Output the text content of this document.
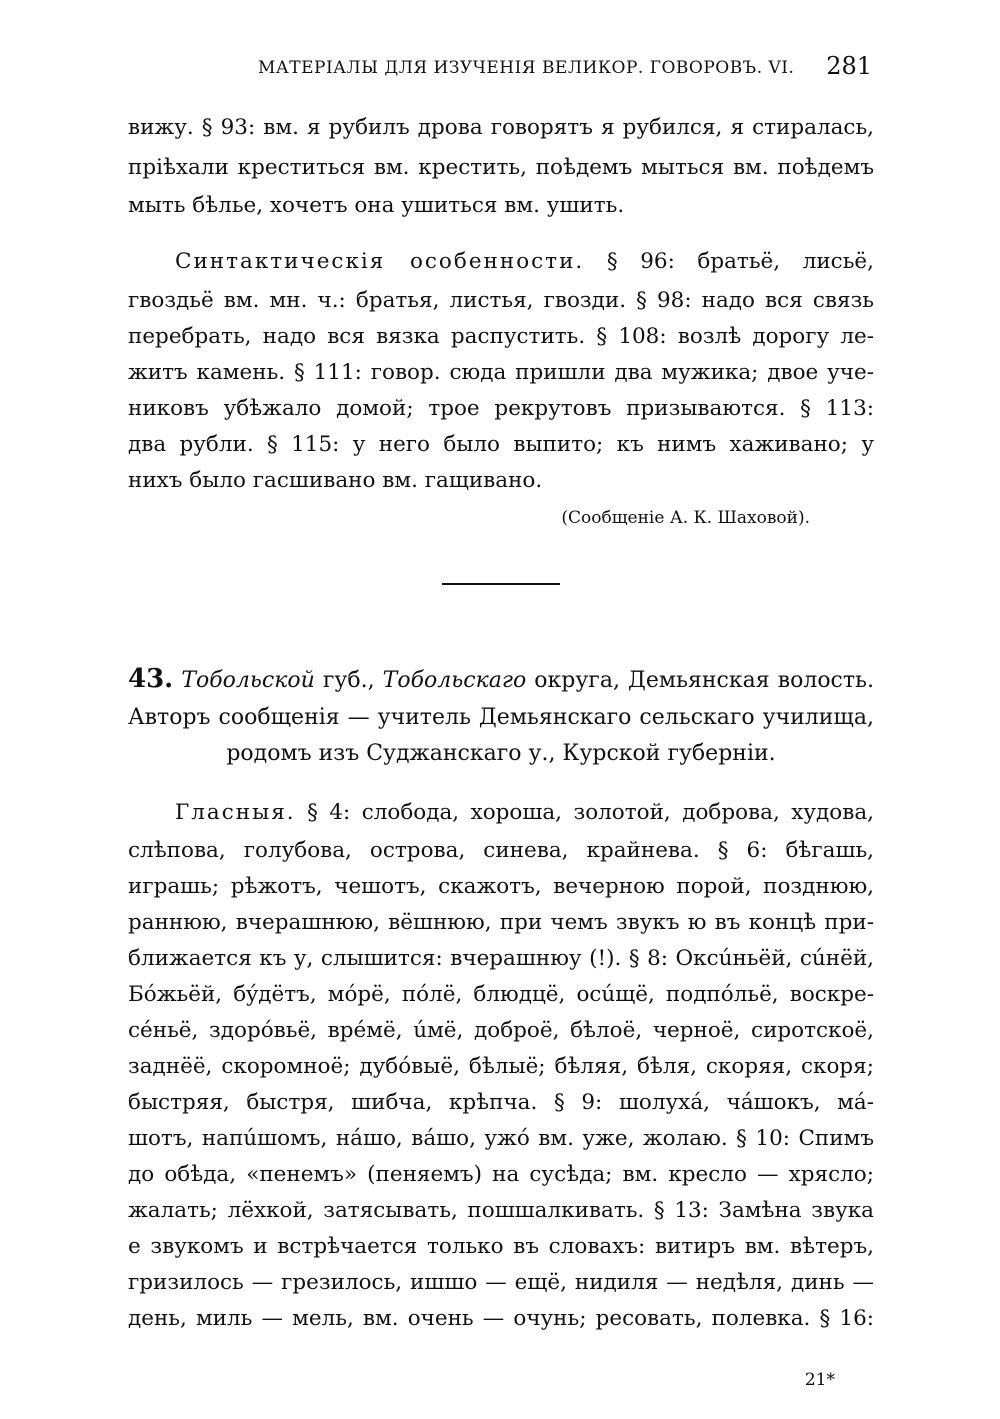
МАТЕРІАЛЫ ДЛЯ ИЗУЧЕНІЯ ВЕЛИКОР. ГОВОРОВЪ. VI. 281
вижу. § 93: вм. я рубилъ дрова говорятъ я рубился, я стиралась,
пріѣхали креститься вм. крестить, поѣдемъ мыться вм. поѣдемъ
мыть бѣлье, хочетъ она ушиться вм. ушить.
Синтактическія особенности. § 96: братьё, лисьё,
гвоздьё вм. мн. ч.: братья, листья, гвозди. § 98: надо вся связь
перебрать, надо вся вязка распустить. § 108: возлѣ дорогу ле-
житъ камень. § 111: говор. сюда пришли два мужика; двое уче-
никовъ убѣжало домой; трое рекрутовъ призываются. § 113:
два рубли. § 115: у него было выпито; къ нимъ хаживано; у
нихъ было гасшивано вм. гащивано.
(Сообщеніе А. К. Шаховой).
43. Тобольской губ., Тобольскаго округа, Демьянская волость.
Авторъ сообщенія — учитель Демьянскаго сельскаго училища,
родомъ изъ Суджанскаго у., Курской губерніи.
Гласныя. § 4: слобода, хороша, золотой, доброва, худова,
слѣпова, голубова, острова, синева, крайнева. § 6: бѣгашь,
играшь; рѣжотъ, чешотъ, скажотъ, вечерною порой, позднюю,
раннюю, вчерашнюю, вёшнюю, при чемъ звукъ ю въ концѣ при-
ближается къ у, слышится: вчерашнюу (!). § 8: Оксúньёй, сúнёй,
Бóжьёй, бýдётъ, мóрё, пóлё, блюдцё, осúщё, подпóльё, воскре-
сéньё, здорóвьё, врéмё, úмё, доброё, бѣлоё, черноё, сиротскоё,
заднёё, скоромноё; дубóвыё, бѣлыё; бѣляя, бѣля, скоряя, скоря;
быстряя, быстря, шибча, крѣпча. § 9: шолухá, чáшокъ, мá-
шотъ, напúшомъ, нáшо, вáшо, ужó вм. уже, жолаю. § 10: Спимъ
до обѣда, «пенемъ» (пеняемъ) на сусѣда; вм. кресло — хрясло;
жалать; лёхкой, затясывать, пошшалкивать. § 13: Замѣна звука
е звукомъ и встрѣчается только въ словахъ: витиръ вм. вѣтеръ,
гризилось — грезилось, ишшо — ещё, нидиля — недѣля, динь —
день, миль — мель, вм. очень — очунь; ресовать, полевка. § 16:
21*
